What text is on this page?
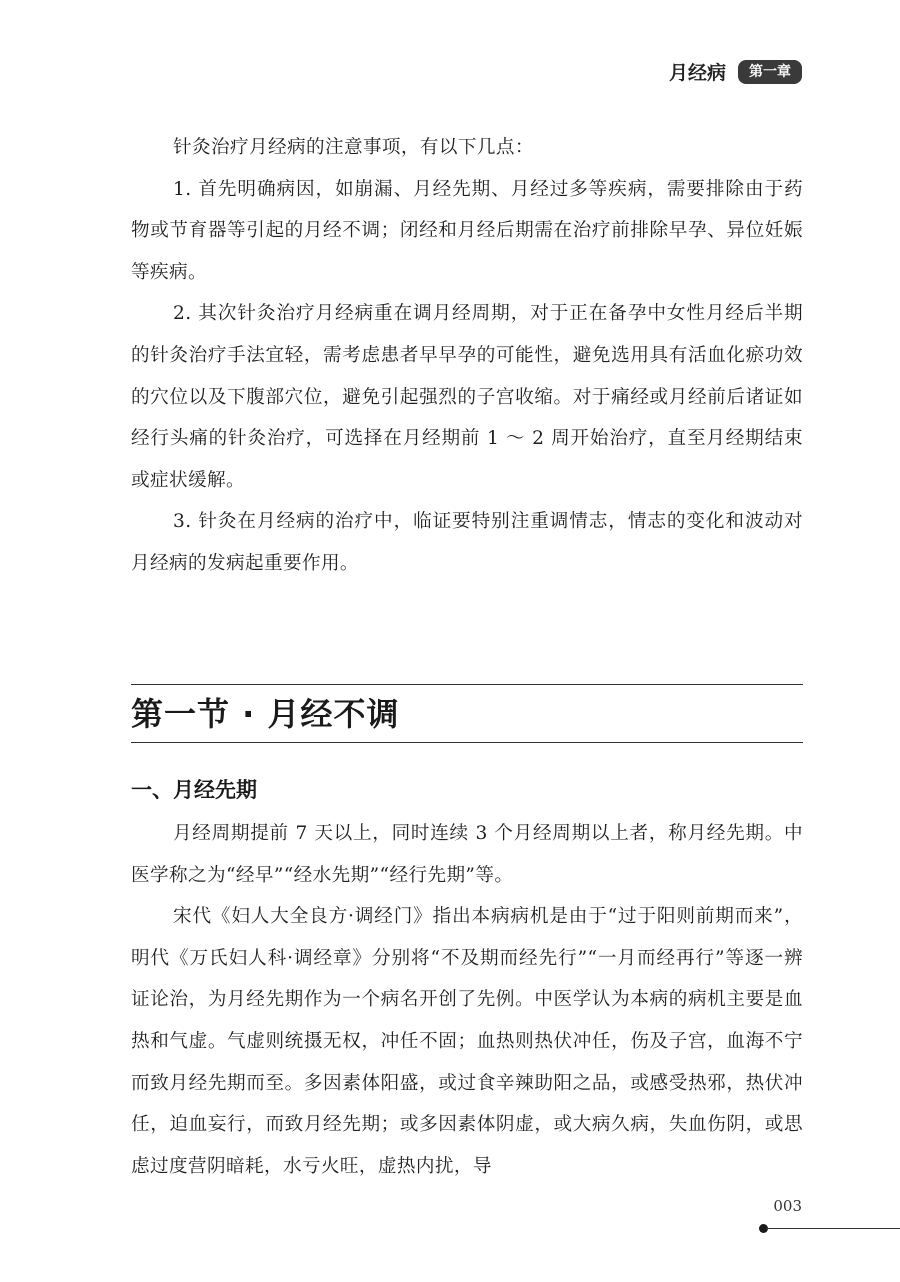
月经病	第一章

针灸治疗月经病的注意事项，有以下几点：

1. 首先明确病因，如崩漏、月经先期、月经过多等疾病，需要排除由于药物或节育器等引起的月经不调；闭经和月经后期需在治疗前排除早孕、异位妊娠等疾病。

2. 其次针灸治疗月经病重在调月经周期，对于正在备孕中女性月经后半期的针灸治疗手法宜轻，需考虑患者早早孕的可能性，避免选用具有活血化瘀功效的穴位以及下腹部穴位，避免引起强烈的子宫收缩。对于痛经或月经前后诸证如经行头痛的针灸治疗，可选择在月经期前 1 ～ 2 周开始治疗，直至月经期结束或症状缓解。

3. 针灸在月经病的治疗中，临证要特别注重调情志，情志的变化和波动对月经病的发病起重要作用。

第一节 · 月经不调
一、月经先期

月经周期提前 7 天以上，同时连续 3 个月经周期以上者，称月经先期。中医学称之为“经早”“经水先期”“经行先期”等。

宋代《妇人大全良方·调经门》指出本病病机是由于“过于阳则前期而来”，明代《万氏妇人科·调经章》分别将“不及期而经先行”“一月而经再行”等逐一辨证论治，为月经先期作为一个病名开创了先例。中医学认为本病的病机主要是血热和气虚。气虚则统摄无权，冲任不固；血热则热伏冲任，伤及子宫，血海不宁而致月经先期而至。多因素体阳盛，或过食辛辣助阳之品，或感受热邪，热伏冲任，迫血妄行，而致月经先期；或多因素体阴虚，或大病久病，失血伤阴，或思虑过度营阴暗耗，水亏火旺，虚热内扰，导

003
